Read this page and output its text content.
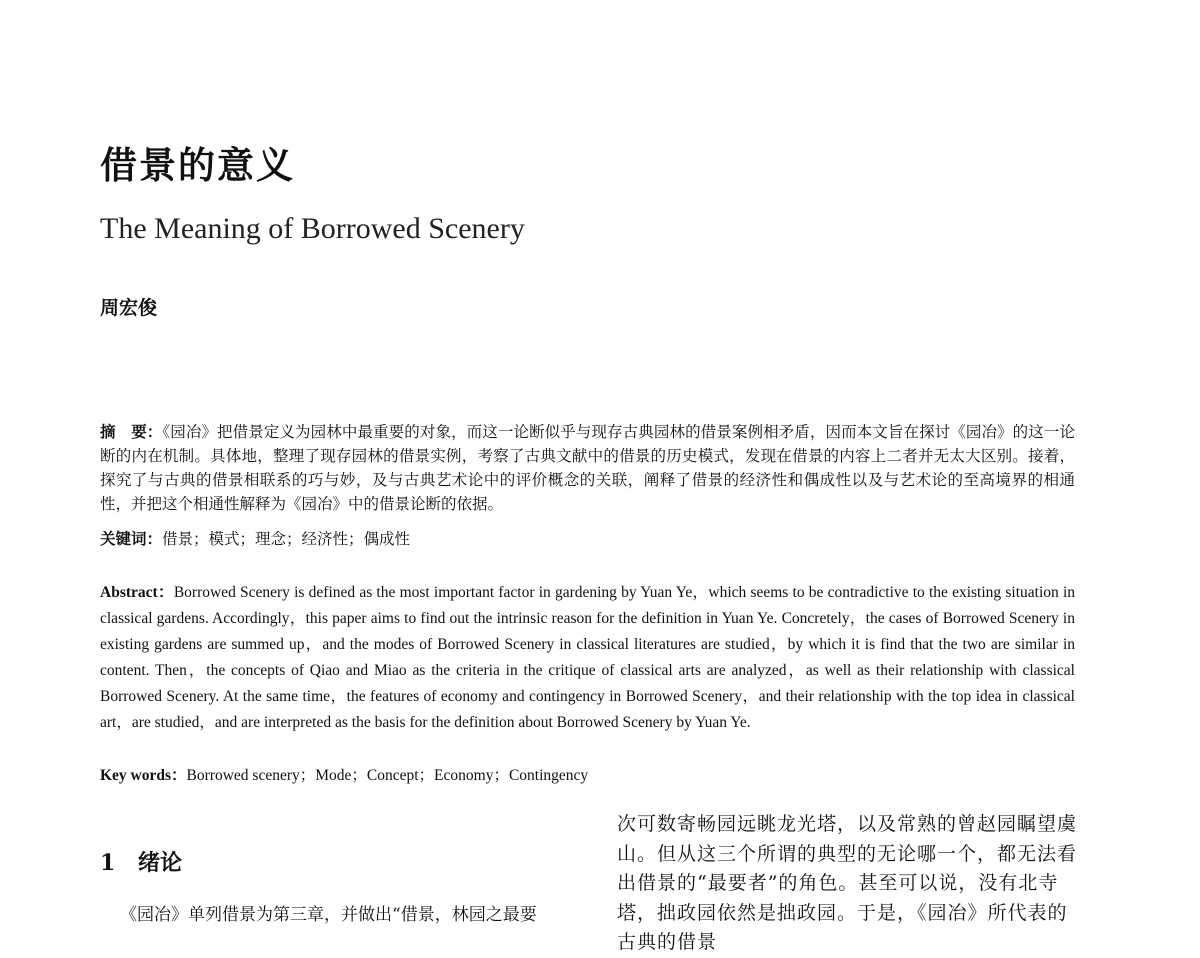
借景的意义
The Meaning of Borrowed Scenery
周宏俊
摘　要：《园冶》把借景定义为园林中最重要的对象，而这一论断似乎与现存古典园林的借景案例相矛盾，因而本文旨在探讨《园冶》的这一论断的内在机制。具体地，整理了现存园林的借景实例，考察了古典文献中的借景的历史模式，发现在借景的内容上二者并无太大区别。接着，探究了与古典的借景相联系的巧与妙，及与古典艺术论中的评价概念的关联，阐释了借景的经济性和偶成性以及与艺术论的至高境界的相通性，并把这个相通性解释为《园冶》中的借景论断的依据。
关键词：借景；模式；理念；经济性；偶成性
Abstract：Borrowed Scenery is defined as the most important factor in gardening by Yuan Ye，which seems to be contradictive to the existing situation in classical gardens. Accordingly，this paper aims to find out the intrinsic reason for the definition in Yuan Ye. Concretely，the cases of Borrowed Scenery in existing gardens are summed up，and the modes of Borrowed Scenery in classical literatures are studied，by which it is find that the two are similar in content. Then，the concepts of Qiao and Miao as the criteria in the critique of classical arts are analyzed，as well as their relationship with classical Borrowed Scenery. At the same time，the features of economy and contingency in Borrowed Scenery，and their relationship with the top idea in classical art，are studied，and are interpreted as the basis for the definition about Borrowed Scenery by Yuan Ye.
Key words：Borrowed scenery；Mode；Concept；Economy；Contingency
1 绪论
《园冶》单列借景为第三章，并做出“借景，林园之最要
次可数寄畅园远眺龙光塔，以及常熟的曾赵园瞩望虞山。但从这三个所谓的典型的无论哪一个，都无法看出借景的“最要者”的角色。甚至可以说，没有北寺塔，拙政园依然是拙政园。于是，《园冶》所代表的古典的借景
